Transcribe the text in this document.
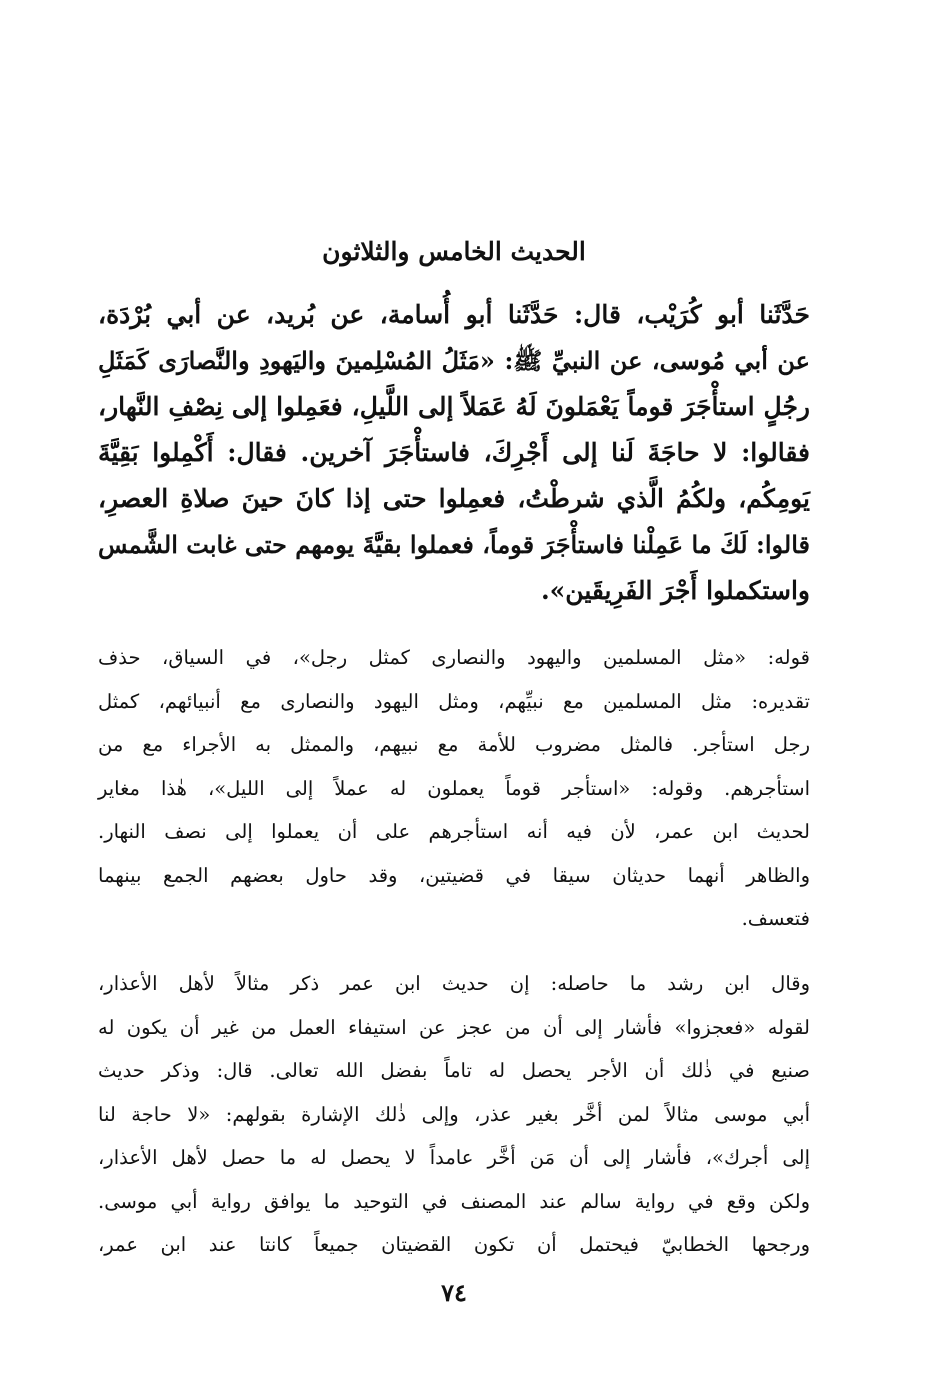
الحديث الخامس والثلاثون
حَدَّثَنا أبو كُرَيْب، قال: حَدَّثَنا أبو أُسامة، عن بُريد، عن أبي بُرْدَة،
عن أبي مُوسى، عن النبيِّ ﷺ: «مَثَلُ المُسْلِمينَ واليَهودِ والنَّصارَى كَمَثَلِ
رجُلٍ استأْجَرَ قوماً يَعْمَلونَ لَهُ عَمَلاً إلى اللَّيلِ، فعَمِلوا إلى نِصْفِ النَّهار،
فقالوا: لا حاجَةَ لَنا إلى أَجْرِكَ، فاستأْجَرَ آخرين. فقال: أَكْمِلوا بَقِيَّةَ
يَومِكُم، ولكُمُ الَّذي شرطْتُ، فعمِلوا حتى إذا كانَ حينَ صلاةِ العصرِ،
قالوا: لَكَ ما عَمِلْنا فاستأْجَرَ قوماً، فعملوا بقيَّةَ يومهم حتى غابت الشَّمس
واستكملوا أَجْرَ الفَرِيقَين».
قوله: «مثل المسلمين واليهود والنصارى كمثل رجل»، في السياق، حذف
تقديره: مثل المسلمين مع نبيِّهم، ومثل اليهود والنصارى مع أنبيائهم، كمثل
رجل استأجر. فالمثل مضروب للأمة مع نبيهم، والممثل به الأجراء مع من
استأجرهم. وقوله: «استأجر قوماً يعملون له عملاً إلى الليل»، هٰذا مغاير
لحديث ابن عمر، لأن فيه أنه استأجرهم على أن يعملوا إلى نصف النهار.
والظاهر أنهما حديثان سيقا في قضيتين، وقد حاول بعضهم الجمع بينهما
فتعسف.
وقال ابن رشد ما حاصله: إن حديث ابن عمر ذكر مثالاً لأهل الأعذار،
لقوله «فعجزوا» فأشار إلى أن من عجز عن استيفاء العمل من غير أن يكون له
صنيع في ذٰلك أن الأجر يحصل له تاماً بفضل الله تعالى. قال: وذكر حديث
أبي موسى مثالاً لمن أخَّر بغير عذر، وإلى ذٰلك الإشارة بقولهم: «لا حاجة لنا
إلى أجرك»، فأشار إلى أن مَن أخَّر عامداً لا يحصل له ما حصل لأهل الأعذار،
ولكن وقع في رواية سالم عند المصنف في التوحيد ما يوافق رواية أبي موسى.
ورجحها الخطابيّ فيحتمل أن تكون القضيتان جميعاً كانتا عند ابن عمر،
٧٤
